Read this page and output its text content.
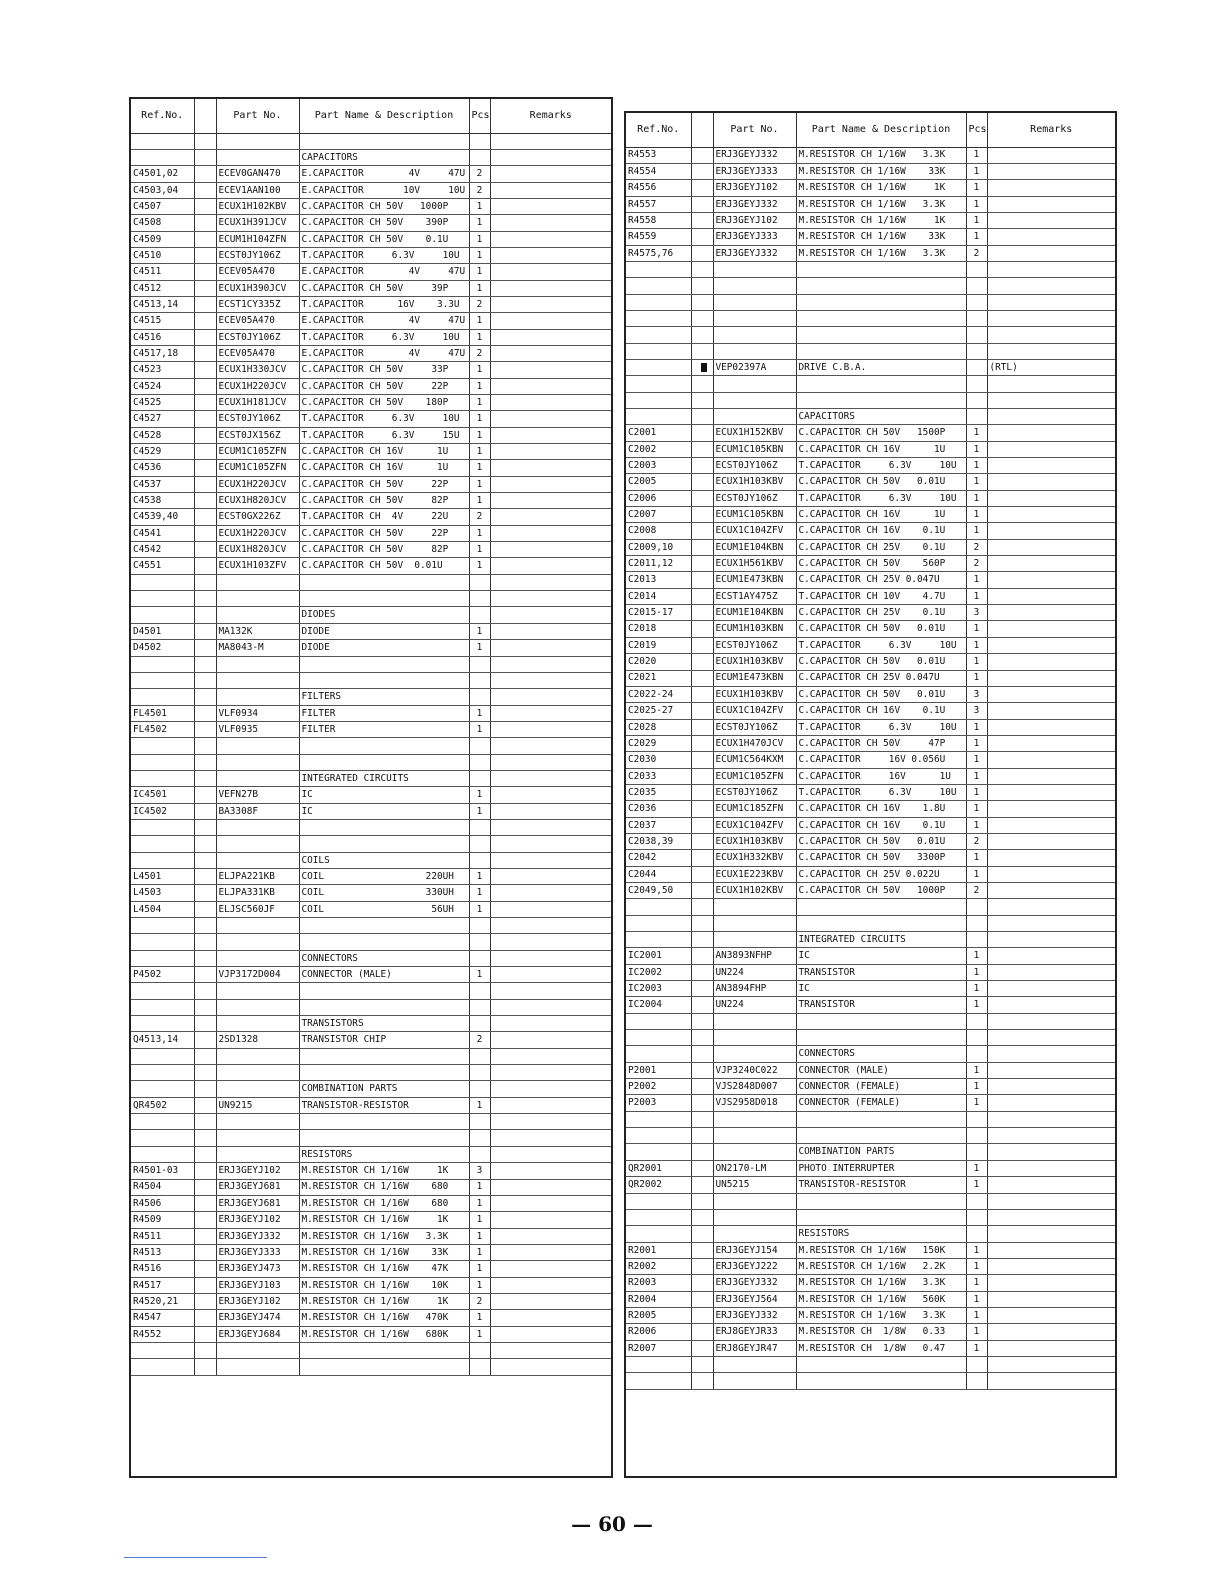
Ref.No.		Part No.	Part Name & Description	Pcs	Remarks

			CAPACITORS		
C4501,02		ECEV0GAN470	E.CAPACITOR        4V     47U	2	
C4503,04		ECEV1AAN100	E.CAPACITOR       10V     10U	2	
C4507		ECUX1H102KBV	C.CAPACITOR CH 50V   1000P	1	
C4508		ECUX1H391JCV	C.CAPACITOR CH 50V    390P	1	
C4509		ECUM1H104ZFN	C.CAPACITOR CH 50V    0.1U	1	
C4510		ECST0JY106Z	T.CAPACITOR     6.3V     10U	1	
C4511		ECEV05A470	E.CAPACITOR        4V     47U	1	
C4512		ECUX1H390JCV	C.CAPACITOR CH 50V     39P	1	
C4513,14		ECST1CY335Z	T.CAPACITOR      16V    3.3U	2	
C4515		ECEV05A470	E.CAPACITOR        4V     47U	1	
C4516		ECST0JY106Z	T.CAPACITOR     6.3V     10U	1	
C4517,18		ECEV05A470	E.CAPACITOR        4V     47U	2	
C4523		ECUX1H330JCV	C.CAPACITOR CH 50V     33P	1	
C4524		ECUX1H220JCV	C.CAPACITOR CH 50V     22P	1	
C4525		ECUX1H181JCV	C.CAPACITOR CH 50V    180P	1	
C4527		ECST0JY106Z	T.CAPACITOR     6.3V     10U	1	
C4528		ECST0JX156Z	T.CAPACITOR     6.3V     15U	1	
C4529		ECUM1C105ZFN	C.CAPACITOR CH 16V      1U	1	
C4536		ECUM1C105ZFN	C.CAPACITOR CH 16V      1U	1	
C4537		ECUX1H220JCV	C.CAPACITOR CH 50V     22P	1	
C4538		ECUX1H820JCV	C.CAPACITOR CH 50V     82P	1	
C4539,40		ECST0GX226Z	T.CAPACITOR CH  4V     22U	2	
C4541		ECUX1H220JCV	C.CAPACITOR CH 50V     22P	1	
C4542		ECUX1H820JCV	C.CAPACITOR CH 50V     82P	1	
C4551		ECUX1H103ZFV	C.CAPACITOR CH 50V  0.01U	1	

			DIODES		
D4501		MA132K	DIODE	1	
D4502		MA8043-M	DIODE	1	

			FILTERS		
FL4501		VLF0934	FILTER	1	
FL4502		VLF0935	FILTER	1	

			INTEGRATED CIRCUITS		
IC4501		VEFN27B	IC	1	
IC4502		BA3308F	IC	1	

			COILS		
L4501		ELJPA221KB	COIL                  220UH	1	
L4503		ELJPA331KB	COIL                  330UH	1	
L4504		ELJSC560JF	COIL                   56UH	1	

			CONNECTORS		
P4502		VJP3172D004	CONNECTOR (MALE)	1	

			TRANSISTORS		
Q4513,14		2SD1328	TRANSISTOR CHIP	2	

			COMBINATION PARTS		
QR4502		UN9215	TRANSISTOR-RESISTOR	1	

			RESISTORS		
R4501-03		ERJ3GEYJ102	M.RESISTOR CH 1/16W     1K	3	
R4504		ERJ3GEYJ681	M.RESISTOR CH 1/16W    680	1	
R4506		ERJ3GEYJ681	M.RESISTOR CH 1/16W    680	1	
R4509		ERJ3GEYJ102	M.RESISTOR CH 1/16W     1K	1	
R4511		ERJ3GEYJ332	M.RESISTOR CH 1/16W   3.3K	1	
R4513		ERJ3GEYJ333	M.RESISTOR CH 1/16W    33K	1	
R4516		ERJ3GEYJ473	M.RESISTOR CH 1/16W    47K	1	
R4517		ERJ3GEYJ103	M.RESISTOR CH 1/16W    10K	1	
R4520,21		ERJ3GEYJ102	M.RESISTOR CH 1/16W     1K	2	
R4547		ERJ3GEYJ474	M.RESISTOR CH 1/16W   470K	1	
R4552		ERJ3GEYJ684	M.RESISTOR CH 1/16W   680K	1	

Ref.No.		Part No.	Part Name & Description	Pcs	Remarks
R4553		ERJ3GEYJ332	M.RESISTOR CH 1/16W   3.3K	1	
R4554		ERJ3GEYJ333	M.RESISTOR CH 1/16W    33K	1	
R4556		ERJ3GEYJ102	M.RESISTOR CH 1/16W     1K	1	
R4557		ERJ3GEYJ332	M.RESISTOR CH 1/16W   3.3K	1	
R4558		ERJ3GEYJ102	M.RESISTOR CH 1/16W     1K	1	
R4559		ERJ3GEYJ333	M.RESISTOR CH 1/16W    33K	1	
R4575,76		ERJ3GEYJ332	M.RESISTOR CH 1/16W   3.3K	2	

		VEP02397A	DRIVE C.B.A.		(RTL)

			CAPACITORS		
C2001		ECUX1H152KBV	C.CAPACITOR CH 50V   1500P	1	
C2002		ECUM1C105KBN	C.CAPACITOR CH 16V      1U	1	
C2003		ECST0JY106Z	T.CAPACITOR     6.3V     10U	1	
C2005		ECUX1H103KBV	C.CAPACITOR CH 50V   0.01U	1	
C2006		ECST0JY106Z	T.CAPACITOR     6.3V     10U	1	
C2007		ECUM1C105KBN	C.CAPACITOR CH 16V      1U	1	
C2008		ECUX1C104ZFV	C.CAPACITOR CH 16V    0.1U	1	
C2009,10		ECUM1E104KBN	C.CAPACITOR CH 25V    0.1U	2	
C2011,12		ECUX1H561KBV	C.CAPACITOR CH 50V    560P	2	
C2013		ECUM1E473KBN	C.CAPACITOR CH 25V 0.047U	1	
C2014		ECST1AY475Z	T.CAPACITOR CH 10V    4.7U	1	
C2015-17		ECUM1E104KBN	C.CAPACITOR CH 25V    0.1U	3	
C2018		ECUM1H103KBN	C.CAPACITOR CH 50V   0.01U	1	
C2019		ECST0JY106Z	T.CAPACITOR     6.3V     10U	1	
C2020		ECUX1H103KBV	C.CAPACITOR CH 50V   0.01U	1	
C2021		ECUM1E473KBN	C.CAPACITOR CH 25V 0.047U	1	
C2022-24		ECUX1H103KBV	C.CAPACITOR CH 50V   0.01U	3	
C2025-27		ECUX1C104ZFV	C.CAPACITOR CH 16V    0.1U	3	
C2028		ECST0JY106Z	T.CAPACITOR     6.3V     10U	1	
C2029		ECUX1H470JCV	C.CAPACITOR CH 50V     47P	1	
C2030		ECUM1C564KXM	C.CAPACITOR     16V 0.056U	1	
C2033		ECUM1C105ZFN	C.CAPACITOR     16V      1U	1	
C2035		ECST0JY106Z	T.CAPACITOR     6.3V     10U	1	
C2036		ECUM1C185ZFN	C.CAPACITOR CH 16V    1.8U	1	
C2037		ECUX1C104ZFV	C.CAPACITOR CH 16V    0.1U	1	
C2038,39		ECUX1H103KBV	C.CAPACITOR CH 50V   0.01U	2	
C2042		ECUX1H332KBV	C.CAPACITOR CH 50V   3300P	1	
C2044		ECUX1E223KBV	C.CAPACITOR CH 25V 0.022U	1	
C2049,50		ECUX1H102KBV	C.CAPACITOR CH 50V   1000P	2	

			INTEGRATED CIRCUITS		
IC2001		AN3893NFHP	IC	1	
IC2002		UN224	TRANSISTOR	1	
IC2003		AN3894FHP	IC	1	
IC2004		UN224	TRANSISTOR	1	

			CONNECTORS		
P2001		VJP3240C022	CONNECTOR (MALE)	1	
P2002		VJS2848D007	CONNECTOR (FEMALE)	1	
P2003		VJS2958D018	CONNECTOR (FEMALE)	1	

			COMBINATION PARTS		
QR2001		ON2170-LM	PHOTO INTERRUPTER	1	
QR2002		UN5215	TRANSISTOR-RESISTOR	1	

			RESISTORS		
R2001		ERJ3GEYJ154	M.RESISTOR CH 1/16W   150K	1	
R2002		ERJ3GEYJ222	M.RESISTOR CH 1/16W   2.2K	1	
R2003		ERJ3GEYJ332	M.RESISTOR CH 1/16W   3.3K	1	
R2004		ERJ3GEYJ564	M.RESISTOR CH 1/16W   560K	1	
R2005		ERJ3GEYJ332	M.RESISTOR CH 1/16W   3.3K	1	
R2006		ERJ8GEYJR33	M.RESISTOR CH  1/8W   0.33	1	
R2007		ERJ8GEYJR47	M.RESISTOR CH  1/8W   0.47	1	

— 60 —
